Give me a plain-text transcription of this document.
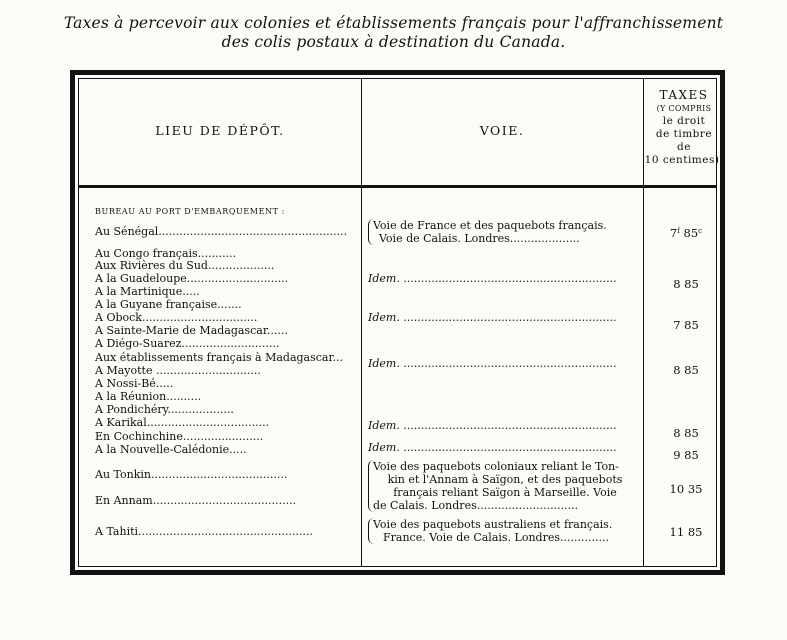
Taxes à percevoir aux colonies et établissements français pour l'affranchissement
des colis postaux à destination du Canada.
LIEU DE DÉPÔT.	VOIE.
TAXES
(Y COMPRIS
le droit
de timbre
de
10 centimes).
BUREAU AU PORT D'EMBARQUEMENT :
Au Sénégal......................................................
Au Congo français...........
Aux Rivières du Sud...................
A la Guadeloupe.............................
A la Martinique.....
A la Guyane française.......
A Obock.................................
A Sainte-Marie de Madagascar......
A Diégo-Suarez............................
Aux établissements français à Madagascar...
A Mayotte ..............................
A Nossi-Bé.....
A la Réunion..........
A Pondichéry...................
A Karikal...................................
En Cochinchine.......................
A la Nouvelle-Calédonie.....
Au Tonkin.......................................
En Annam.........................................
A Tahiti..................................................
Voie de France et des paquebots français.
Voie de Calais. Londres....................
Idem. .............................................................
Idem. .............................................................
Idem. .............................................................
Idem. .............................................................
Idem. .............................................................
Voie des paquebots coloniaux reliant le Ton-
kin et l'Annam à Saïgon, et des paquebots
français reliant Saïgon à Marseille. Voie
de Calais. Londres.............................
Voie des paquebots australiens et français.
France. Voie de Calais. Londres..............
7$^f$ 85$^c$
8 85
7 85
8 85
8 85
9 85
10 35
11 85
